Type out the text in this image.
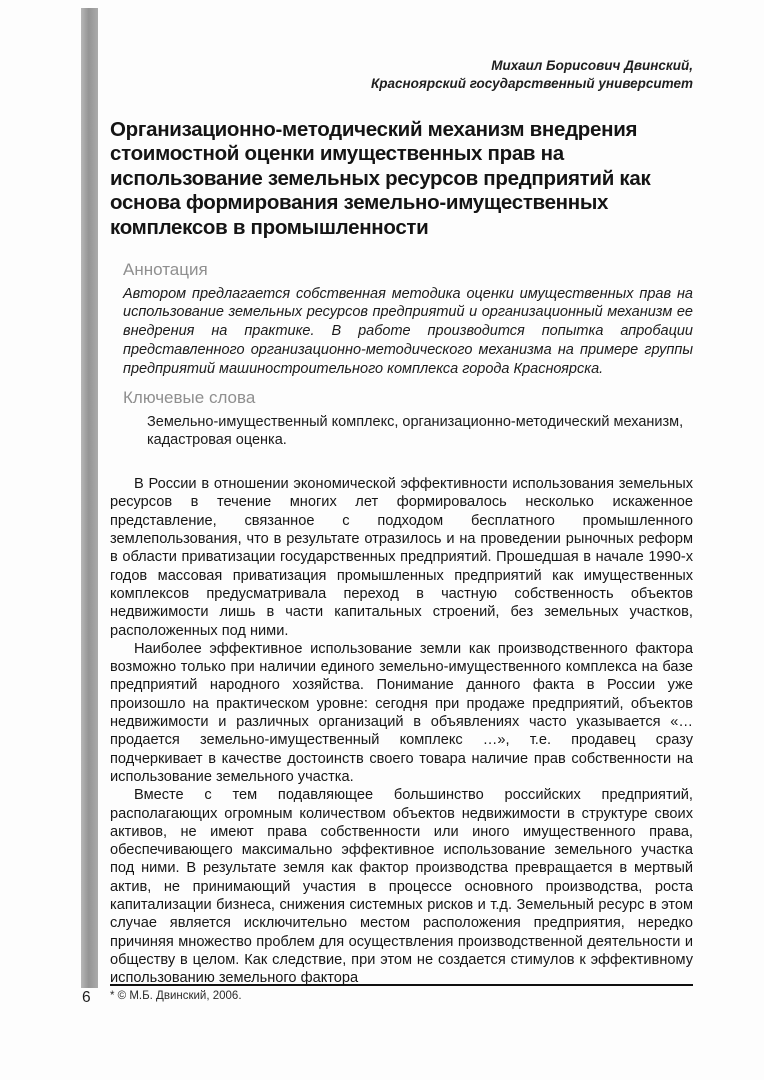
Михаил Борисович Двинский,
Красноярский государственный университет
Организационно-методический механизм внедрения стоимостной оценки имущественных прав на использование земельных ресурсов предприятий как основа формирования земельно-имущественных комплексов в промышленности
Аннотация

Автором предлагается собственная методика оценки имущественных прав на использование земельных ресурсов предприятий и организационный механизм ее внедрения на практике. В работе производится попытка апробации представленного организационно-методического механизма на примере группы предприятий машиностроительного комплекса города Красноярска.

Ключевые слова

Земельно-имущественный комплекс, организационно-методический механизм, кадастровая оценка.

В России в отношении экономической эффективности использования земельных ресурсов в течение многих лет формировалось несколько искаженное представление, связанное с подходом бесплатного промышленного землепользования, что в результате отразилось и на проведении рыночных реформ в области приватизации государственных предприятий. Прошедшая в начале 1990-х годов массовая приватизация промышленных предприятий как имущественных комплексов предусматривала переход в частную собственность объектов недвижимости лишь в части капитальных строений, без земельных участков, расположенных под ними.

Наиболее эффективное использование земли как производственного фактора возможно только при наличии единого земельно-имущественного комплекса на базе предприятий народного хозяйства. Понимание данного факта в России уже произошло на практическом уровне: сегодня при продаже предприятий, объектов недвижимости и различных организаций в объявлениях часто указывается «…продается земельно-имущественный комплекс …», т.е. продавец сразу подчеркивает в качестве достоинств своего товара наличие прав собственности на использование земельного участка.

Вместе с тем подавляющее большинство российских предприятий, располагающих огромным количеством объектов недвижимости в структуре своих активов, не имеют права собственности или иного имущественного права, обеспечивающего максимально эффективное использование земельного участка под ними. В результате земля как фактор производства превращается в мертвый актив, не принимающий участия в процессе основного производства, роста капитализации бизнеса, снижения системных рисков и т.д. Земельный ресурс в этом случае является исключительно местом расположения предприятия, нередко причиняя множество проблем для осуществления производственной деятельности и обществу в целом. Как следствие, при этом не создается стимулов к эффективному использованию земельного фактора

* © М.Б. Двинский, 2006.
6
